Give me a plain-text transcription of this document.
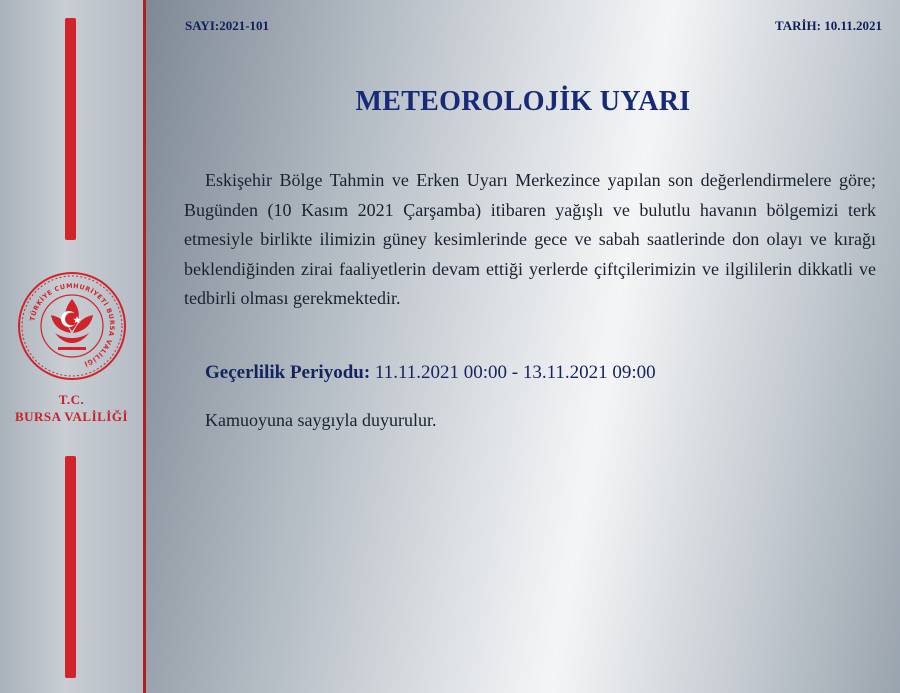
TÜRKİYE CUMHURİYETİ BURSA VALİLİĞİ
T.C.
BURSA VALİLİĞİ
SAYI:2021-101	TARİH: 10.11.2021
METEOROLOJİK UYARI

Eskişehir Bölge Tahmin ve Erken Uyarı Merkezince yapılan son değerlendirmelere göre; Bugünden (10 Kasım 2021 Çarşamba) itibaren yağışlı ve bulutlu havanın bölgemizi terk etmesiyle birlikte ilimizin güney kesimlerinde gece ve sabah saatlerinde don olayı ve kırağı beklendiğinden zirai faaliyetlerin devam ettiği yerlerde çiftçilerimizin ve ilgililerin dikkatli ve tedbirli olması gerekmektedir.

Geçerlilik Periyodu: 11.11.2021 00:00 - 13.11.2021 09:00
Kamuoyuna saygıyla duyurulur.
